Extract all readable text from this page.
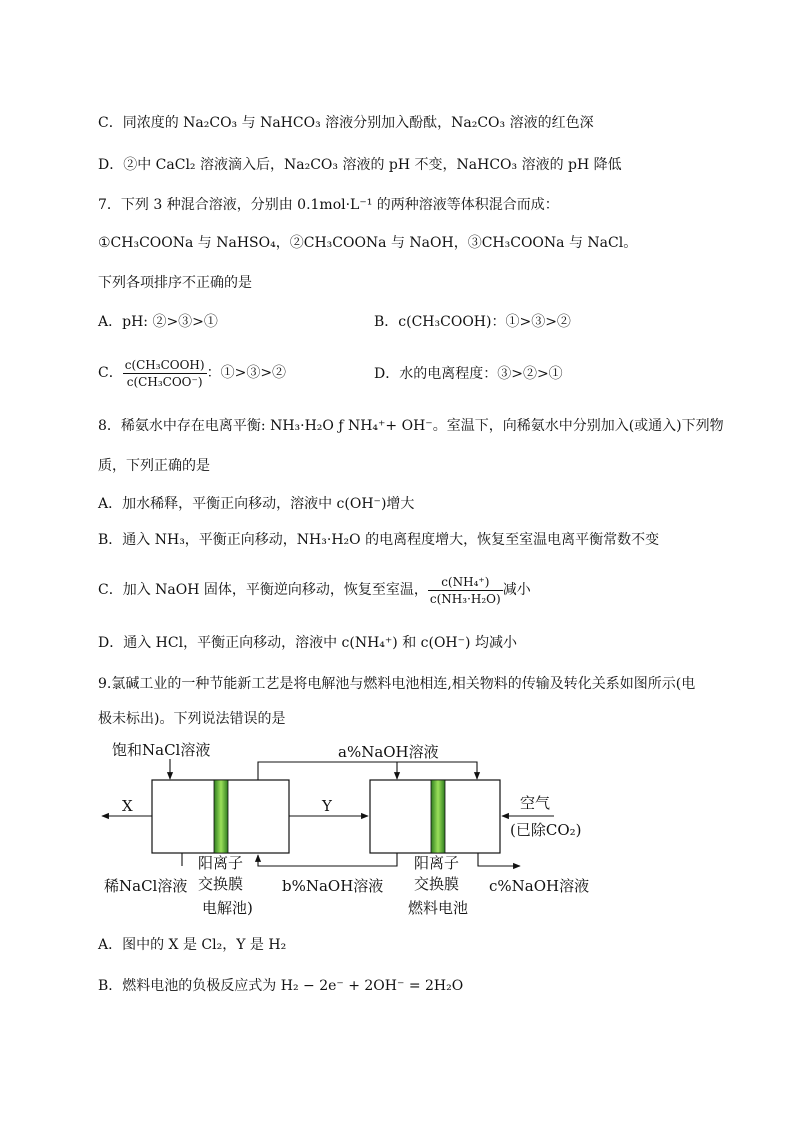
C．同浓度的 Na₂CO₃ 与 NaHCO₃ 溶液分别加入酚酞，Na₂CO₃ 溶液的红色深
D．②中 CaCl₂ 溶液滴入后，Na₂CO₃ 溶液的 pH 不变，NaHCO₃ 溶液的 pH 降低
7．下列 3 种混合溶液，分别由 0.1mol·L⁻¹ 的两种溶液等体积混合而成：
①CH₃COONa 与 NaHSO₄，②CH₃COONa 与 NaOH，③CH₃COONa 与 NaCl。
下列各项排序不正确的是
A．pH: ②>③>①	B．c(CH₃COOH)：①>③>②
C． $\frac{\text{c(CH₃COOH)}}{\text{c(CH₃COO⁻)}}$ ：①>③>②	D．水的电离程度：③>②>①
8．稀氨水中存在电离平衡: NH₃·H₂O ƒ NH₄⁺+ OH⁻。室温下，向稀氨水中分别加入(或通入)下列物
质，下列正确的是
A．加水稀释，平衡正向移动，溶液中 c(OH⁻)增大
B．通入 NH₃，平衡正向移动，NH₃·H₂O 的电离程度增大，恢复至室温电离平衡常数不变
C．加入 NaOH 固体，平衡逆向移动，恢复至室温， $\frac{\text{c(NH₄⁺)}}{\text{c(NH₃·H₂O)}}$ 减小
D．通入 HCl，平衡正向移动，溶液中 c(NH₄⁺) 和 c(OH⁻) 均减小
9.氯碱工业的一种节能新工艺是将电解池与燃料电池相连,相关物料的传输及转化关系如图所示(电
极未标出)。下列说法错误的是
饱和NaCl溶液	a%NaOH溶液
X	Y	空气
(已除CO₂)
稀NaCl溶液	b%NaOH溶液	c%NaOH溶液
阳离子
交换膜
电解池)
阳离子
交换膜
燃料电池
A．图中的 X 是 Cl₂，Y 是 H₂
B．燃料电池的负极反应式为 H₂ − 2e⁻ + 2OH⁻ = 2H₂O
